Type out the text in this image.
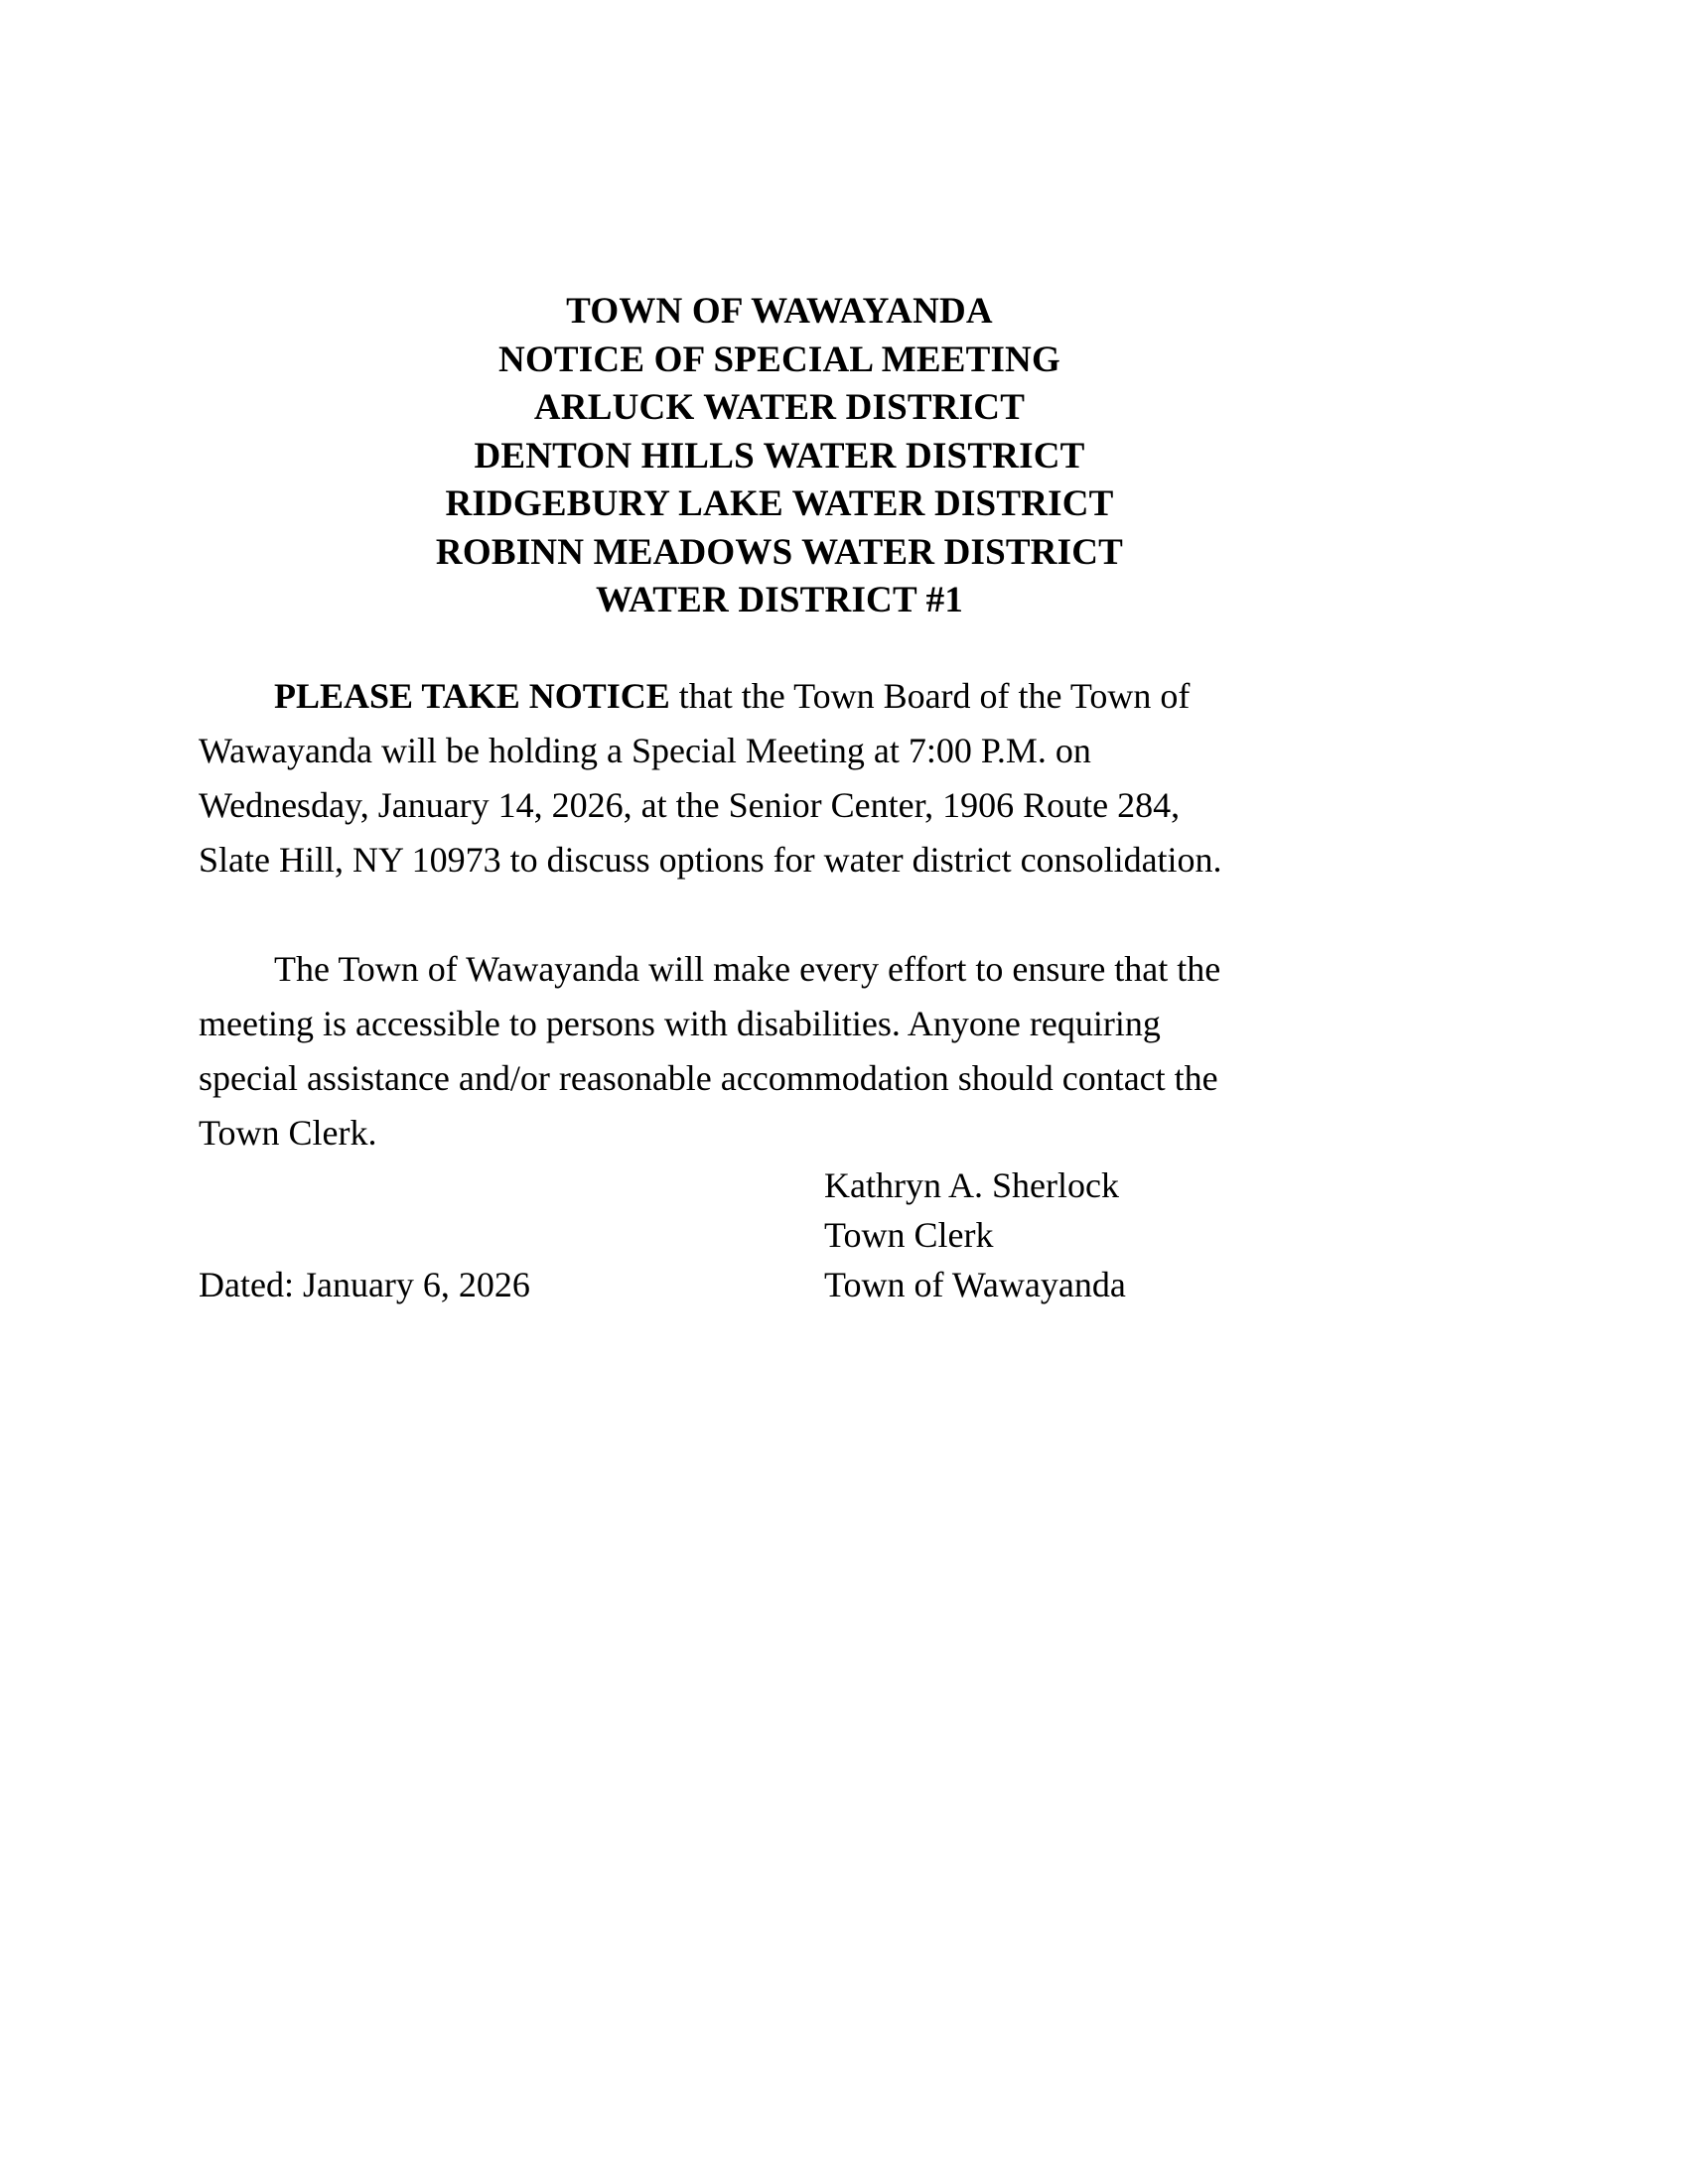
TOWN OF WAWAYANDA
NOTICE OF SPECIAL MEETING
ARLUCK WATER DISTRICT
DENTON HILLS WATER DISTRICT
RIDGEBURY LAKE WATER DISTRICT
ROBINN MEADOWS WATER DISTRICT
WATER DISTRICT #1

PLEASE TAKE NOTICE that the Town Board of the Town of
Wawayanda will be holding a Special Meeting at 7:00 P.M. on
Wednesday, January 14, 2026, at the Senior Center, 1906 Route 284,
Slate Hill, NY 10973 to discuss options for water district consolidation.

The Town of Wawayanda will make every effort to ensure that the
meeting is accessible to persons with disabilities. Anyone requiring
special assistance and/or reasonable accommodation should contact the
Town Clerk.

Kathryn A. Sherlock
Town Clerk
Dated: January 6, 2026	Town of Wawayanda
